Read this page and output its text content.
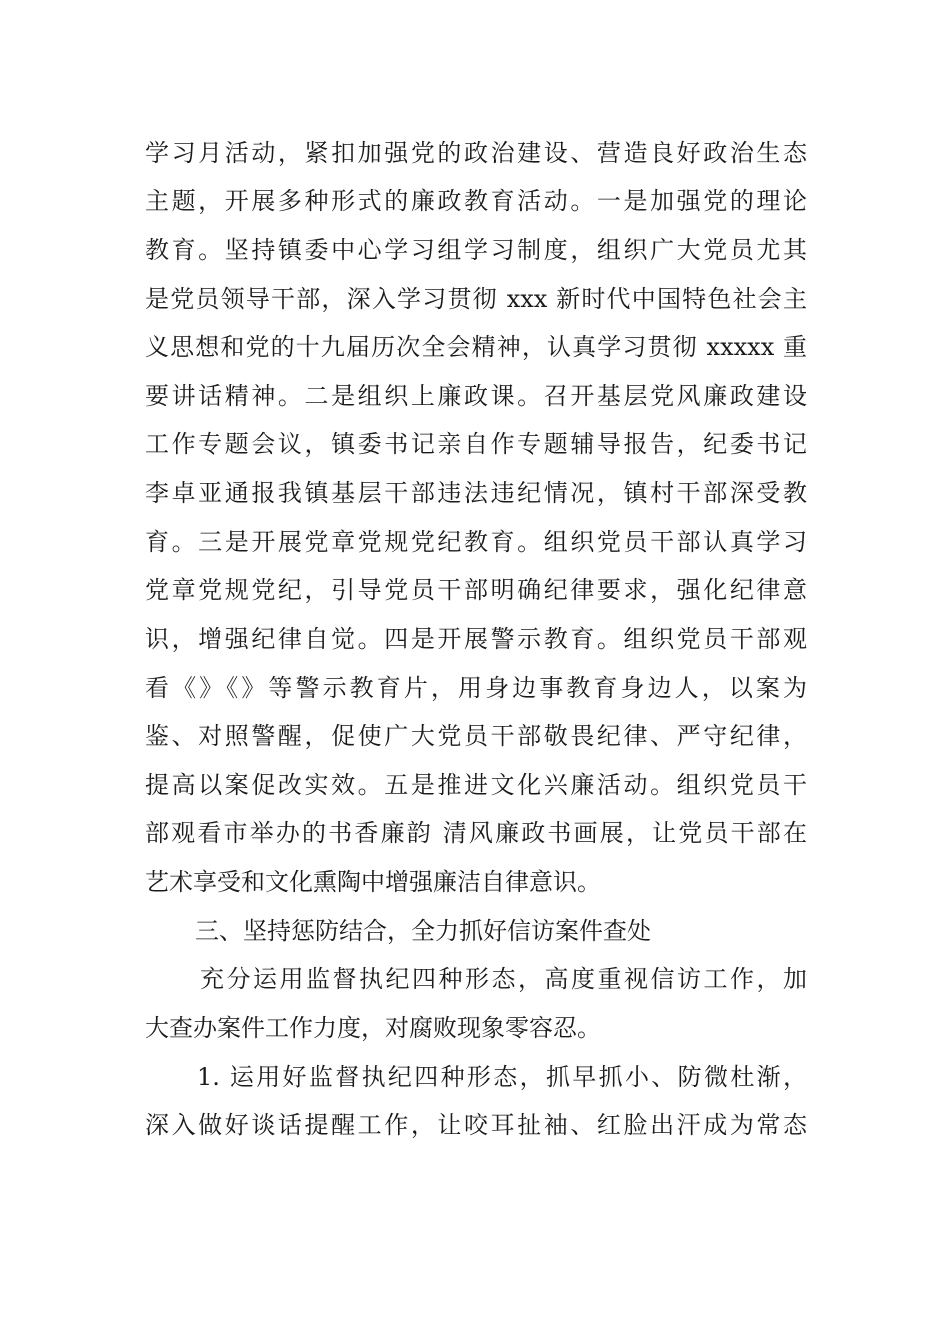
学习月活动，紧扣加强党的政治建设、营造良好政治生态

主题，开展多种形式的廉政教育活动。一是加强党的理论

教育。坚持镇委中心学习组学习制度，组织广大党员尤其

是党员领导干部，深入学习贯彻 xxx 新时代中国特色社会主

义思想和党的十九届历次全会精神，认真学习贯彻 xxxxx 重

要讲话精神。二是组织上廉政课。召开基层党风廉政建设

工作专题会议，镇委书记亲自作专题辅导报告，纪委书记

李卓亚通报我镇基层干部违法违纪情况，镇村干部深受教

育。三是开展党章党规党纪教育。组织党员干部认真学习

党章党规党纪，引导党员干部明确纪律要求，强化纪律意

识，增强纪律自觉。四是开展警示教育。组织党员干部观

看《》《》等警示教育片，用身边事教育身边人，以案为

鉴、对照警醒，促使广大党员干部敬畏纪律、严守纪律，

提高以案促改实效。五是推进文化兴廉活动。组织党员干

部观看市举办的书香廉韵 清风廉政书画展，让党员干部在

艺术享受和文化熏陶中增强廉洁自律意识。

三、坚持惩防结合，全力抓好信访案件查处

充分运用监督执纪四种形态，高度重视信访工作，加

大查办案件工作力度，对腐败现象零容忍。

1. 运用好监督执纪四种形态，抓早抓小、防微杜渐，

深入做好谈话提醒工作，让咬耳扯袖、红脸出汗成为常态
